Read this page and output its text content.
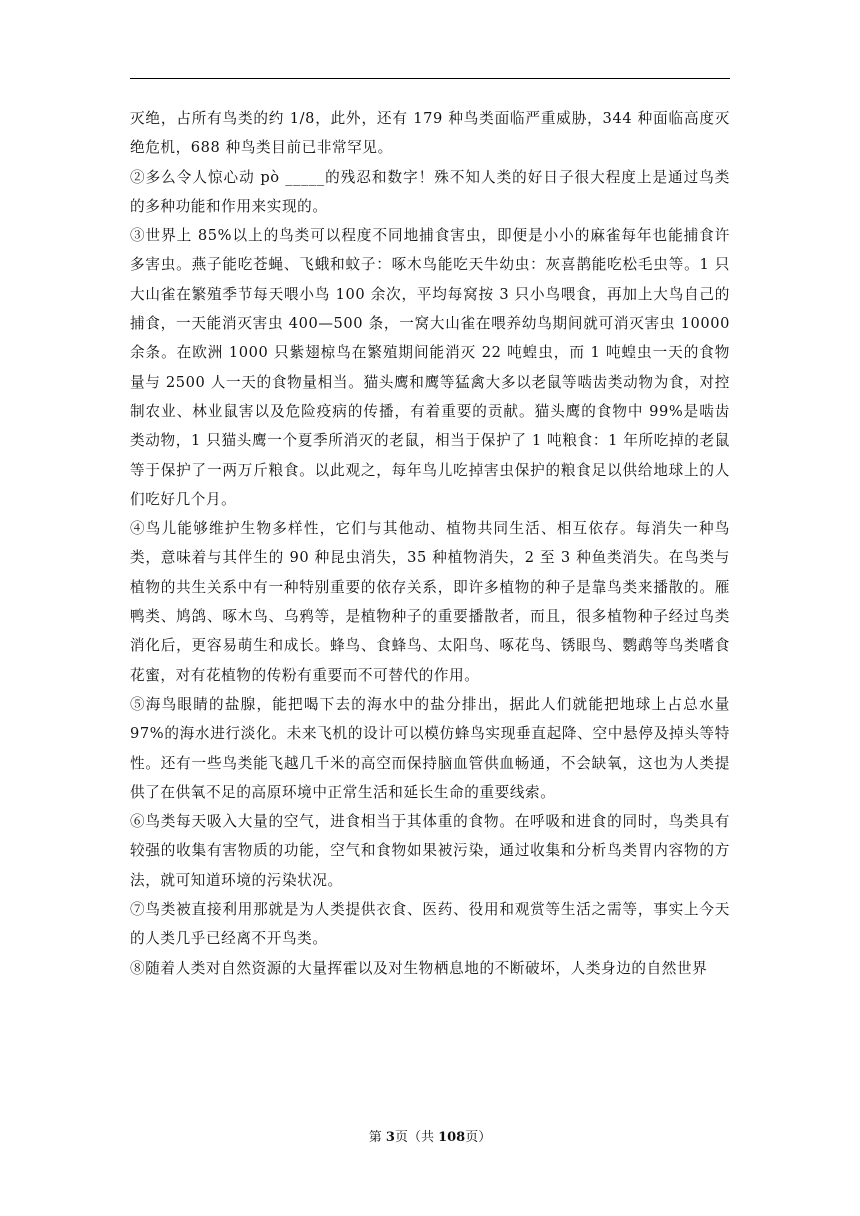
灭绝，占所有鸟类的约 1/8，此外，还有 179 种鸟类面临严重威胁，344 种面临高度灭绝危机，688 种鸟类目前已非常罕见。

②多么令人惊心动 pò _____的残忍和数字！殊不知人类的好日子很大程度上是通过鸟类的多种功能和作用来实现的。

③世界上 85%以上的鸟类可以程度不同地捕食害虫，即便是小小的麻雀每年也能捕食许多害虫。燕子能吃苍蝇、飞蛾和蚊子：啄木鸟能吃天牛幼虫：灰喜鹊能吃松毛虫等。1 只大山雀在繁殖季节每天喂小鸟 100 余次，平均每窝按 3 只小鸟喂食，再加上大鸟自己的捕食，一天能消灭害虫 400—500 条，一窝大山雀在喂养幼鸟期间就可消灭害虫 10000 余条。在欧洲 1000 只紫翅椋鸟在繁殖期间能消灭 22 吨蝗虫，而 1 吨蝗虫一天的食物量与 2500 人一天的食物量相当。猫头鹰和鹰等猛禽大多以老鼠等啮齿类动物为食，对控制农业、林业鼠害以及危险疫病的传播，有着重要的贡献。猫头鹰的食物中 99%是啮齿类动物，1 只猫头鹰一个夏季所消灭的老鼠，相当于保护了 1 吨粮食：1 年所吃掉的老鼠等于保护了一两万斤粮食。以此观之，每年鸟儿吃掉害虫保护的粮食足以供给地球上的人们吃好几个月。

④鸟儿能够维护生物多样性，它们与其他动、植物共同生活、相互依存。每消失一种鸟类，意味着与其伴生的 90 种昆虫消失，35 种植物消失，2 至 3 种鱼类消失。在鸟类与植物的共生关系中有一种特别重要的依存关系，即许多植物的种子是靠鸟类来播散的。雁鸭类、鸠鸽、啄木鸟、乌鸦等，是植物种子的重要播散者，而且，很多植物种子经过鸟类消化后，更容易萌生和成长。蜂鸟、食蜂鸟、太阳鸟、啄花鸟、锈眼鸟、鹦鹉等鸟类嗜食花蜜，对有花植物的传粉有重要而不可替代的作用。

⑤海鸟眼睛的盐腺，能把喝下去的海水中的盐分排出，据此人们就能把地球上占总水量 97%的海水进行淡化。未来飞机的设计可以模仿蜂鸟实现垂直起降、空中悬停及掉头等特性。还有一些鸟类能飞越几千米的高空而保持脑血管供血畅通，不会缺氧，这也为人类提供了在供氧不足的高原环境中正常生活和延长生命的重要线索。

⑥鸟类每天吸入大量的空气，进食相当于其体重的食物。在呼吸和进食的同时，鸟类具有较强的收集有害物质的功能，空气和食物如果被污染，通过收集和分析鸟类胃内容物的方法，就可知道环境的污染状况。

⑦鸟类被直接利用那就是为人类提供衣食、医药、役用和观赏等生活之需等，事实上今天的人类几乎已经离不开鸟类。

⑧随着人类对自然资源的大量挥霍以及对生物栖息地的不断破坏，人类身边的自然世界

第 3页（共 108页）
